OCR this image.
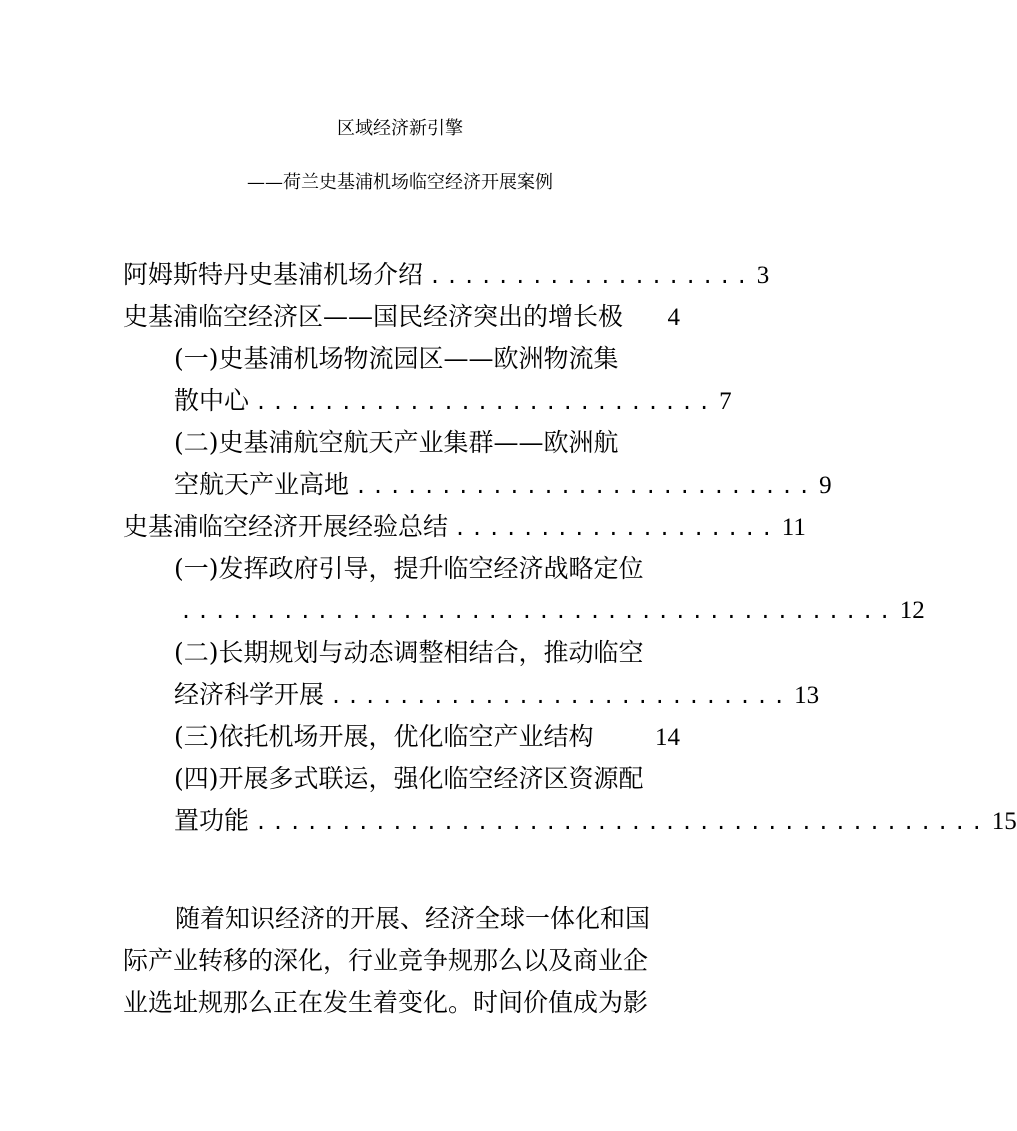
区域经济新引擎
——荷兰史基浦机场临空经济开展案例
阿姆斯特丹史基浦机场介绍 ................... 3
史基浦临空经济区——国民经济突出的增长极 4
(一)史基浦机场物流园区——欧洲物流集
散中心 ........................... 7
(二)史基浦航空航天产业集群——欧洲航
空航天产业高地 ........................... 9
史基浦临空经济开展经验总结 ................... 11
(一)发挥政府引导，提升临空经济战略定位
.......................................... 12
(二)长期规划与动态调整相结合，推动临空
经济科学开展 ........................... 13
(三)依托机场开展，优化临空产业结构 14
(四)开展多式联运，强化临空经济区资源配
置功能 ........................................... 15

随着知识经济的开展、经济全球一体化和国

际产业转移的深化，行业竞争规那么以及商业企

业选址规那么正在发生着变化。时间价值成为影
